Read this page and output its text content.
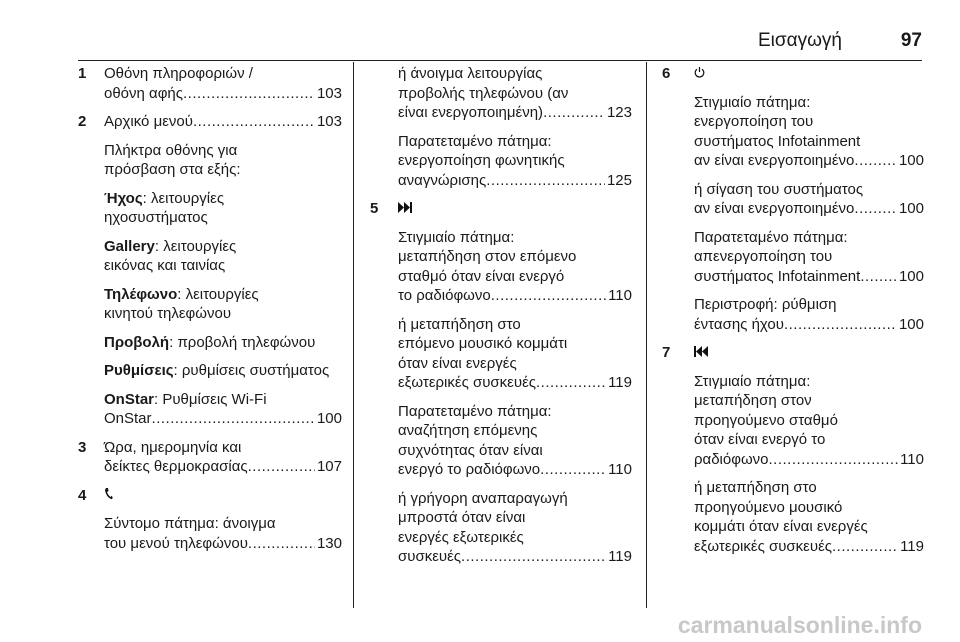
Εισαγωγή	97
1 Οθόνη πληροφοριών /
οθόνη αφής .....	103
2 Αρχικό μενού .....	103
Πλήκτρα οθόνης για
πρόσβαση στα εξής:
Ήχος: λειτουργίες
ηχοσυστήματος
Gallery: λειτουργίες
εικόνας και ταινίας
Τηλέφωνο: λειτουργίες
κινητού τηλεφώνου
Προβολή: προβολή τηλεφώνου
Ρυθμίσεις: ρυθμίσεις συστήματος
OnStar: Ρυθμίσεις Wi-Fi
OnStar .....	100
3 Ώρα, ημερομηνία και
δείκτες θερμοκρασίας .....	107
4
Σύντομο πάτημα: άνοιγμα
του μενού τηλεφώνου .....	130
ή άνοιγμα λειτουργίας
προβολής τηλεφώνου (αν
είναι ενεργοποιημένη) .....	123
Παρατεταμένο πάτημα:
ενεργοποίηση φωνητικής
αναγνώρισης .....	125
5
Στιγμιαίο πάτημα:
μεταπήδηση στον επόμενο
σταθμό όταν είναι ενεργό
το ραδιόφωνο .....	110
ή μεταπήδηση στο
επόμενο μουσικό κομμάτι
όταν είναι ενεργές
εξωτερικές συσκευές .....	119
Παρατεταμένο πάτημα:
αναζήτηση επόμενης
συχνότητας όταν είναι
ενεργό το ραδιόφωνο .....	110
ή γρήγορη αναπαραγωγή
μπροστά όταν είναι
ενεργές εξωτερικές
συσκευές .....	119
6
Στιγμιαίο πάτημα:
ενεργοποίηση του
συστήματος Infotainment
αν είναι ενεργοποιημένο .....	100
ή σίγαση του συστήματος
αν είναι ενεργοποιημένο .....	100
Παρατεταμένο πάτημα:
απενεργοποίηση του
συστήματος Infotainment .....	100
Περιστροφή: ρύθμιση
έντασης ήχου .....	100
7
Στιγμιαίο πάτημα:
μεταπήδηση στον
προηγούμενο σταθμό
όταν είναι ενεργό το
ραδιόφωνο .....	110
ή μεταπήδηση στο
προηγούμενο μουσικό
κομμάτι όταν είναι ενεργές
εξωτερικές συσκευές .....	119
carmanualsonline.info
